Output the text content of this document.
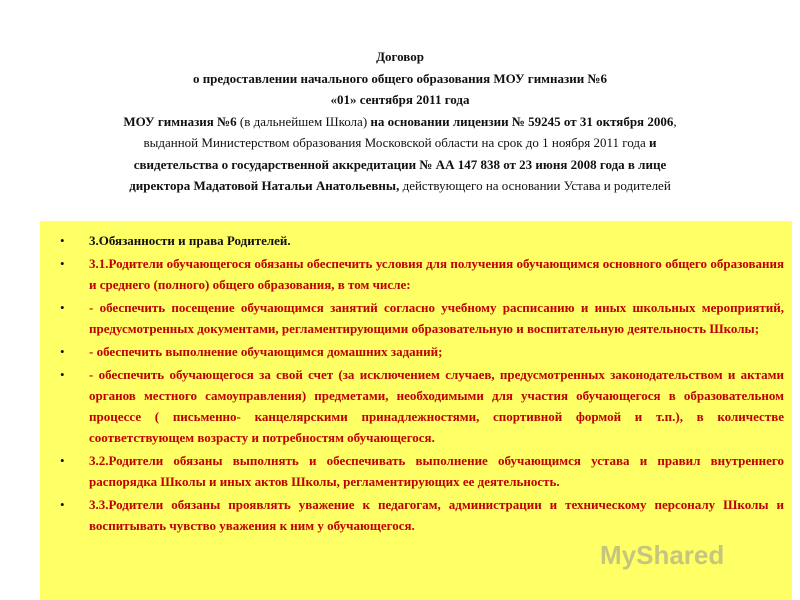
Договор
о предоставлении начального общего образования МОУ гимназии №6
«01» сентября 2011 года
МОУ гимназия №6 (в дальнейшем Школа) на основании лицензии № 59245 от 31 октября 2006,
выданной Министерством образования Московской области на срок до 1 ноября 2011 года и
свидетельства о государственной аккредитации № АА 147 838 от 23 июня 2008 года в лице
директора Мадатовой Натальи Анатольевны, действующего на основании Устава и родителей
• 3.Обязанности и права Родителей.
• 3.1.Родители обучающегося обязаны обеспечить условия для получения обучающимся основного общего образования и среднего (полного) общего образования, в том числе:
• - обеспечить посещение обучающимся занятий согласно учебному расписанию и иных школьных мероприятий, предусмотренных документами, регламентирующими образовательную и воспитательную деятельность Школы;
• - обеспечить выполнение обучающимся домашних заданий;
• - обеспечить обучающегося за свой счет (за исключением случаев, предусмотренных законодательством и актами органов местного самоуправления) предметами, необходимыми для участия обучающегося в образовательном процессе ( письменно- канцелярскими принадлежностями, спортивной формой и т.п.), в количестве соответствующем возрасту и потребностям обучающегося.
• 3.2.Родители обязаны выполнять и обеспечивать выполнение обучающимся устава и правил внутреннего распорядка Школы и иных актов Школы, регламентирующих ее деятельность.
• 3.3.Родители обязаны проявлять уважение к педагогам, администрации и техническому персоналу Школы и воспитывать чувство уважения к ним у обучающегося.
MyShared
